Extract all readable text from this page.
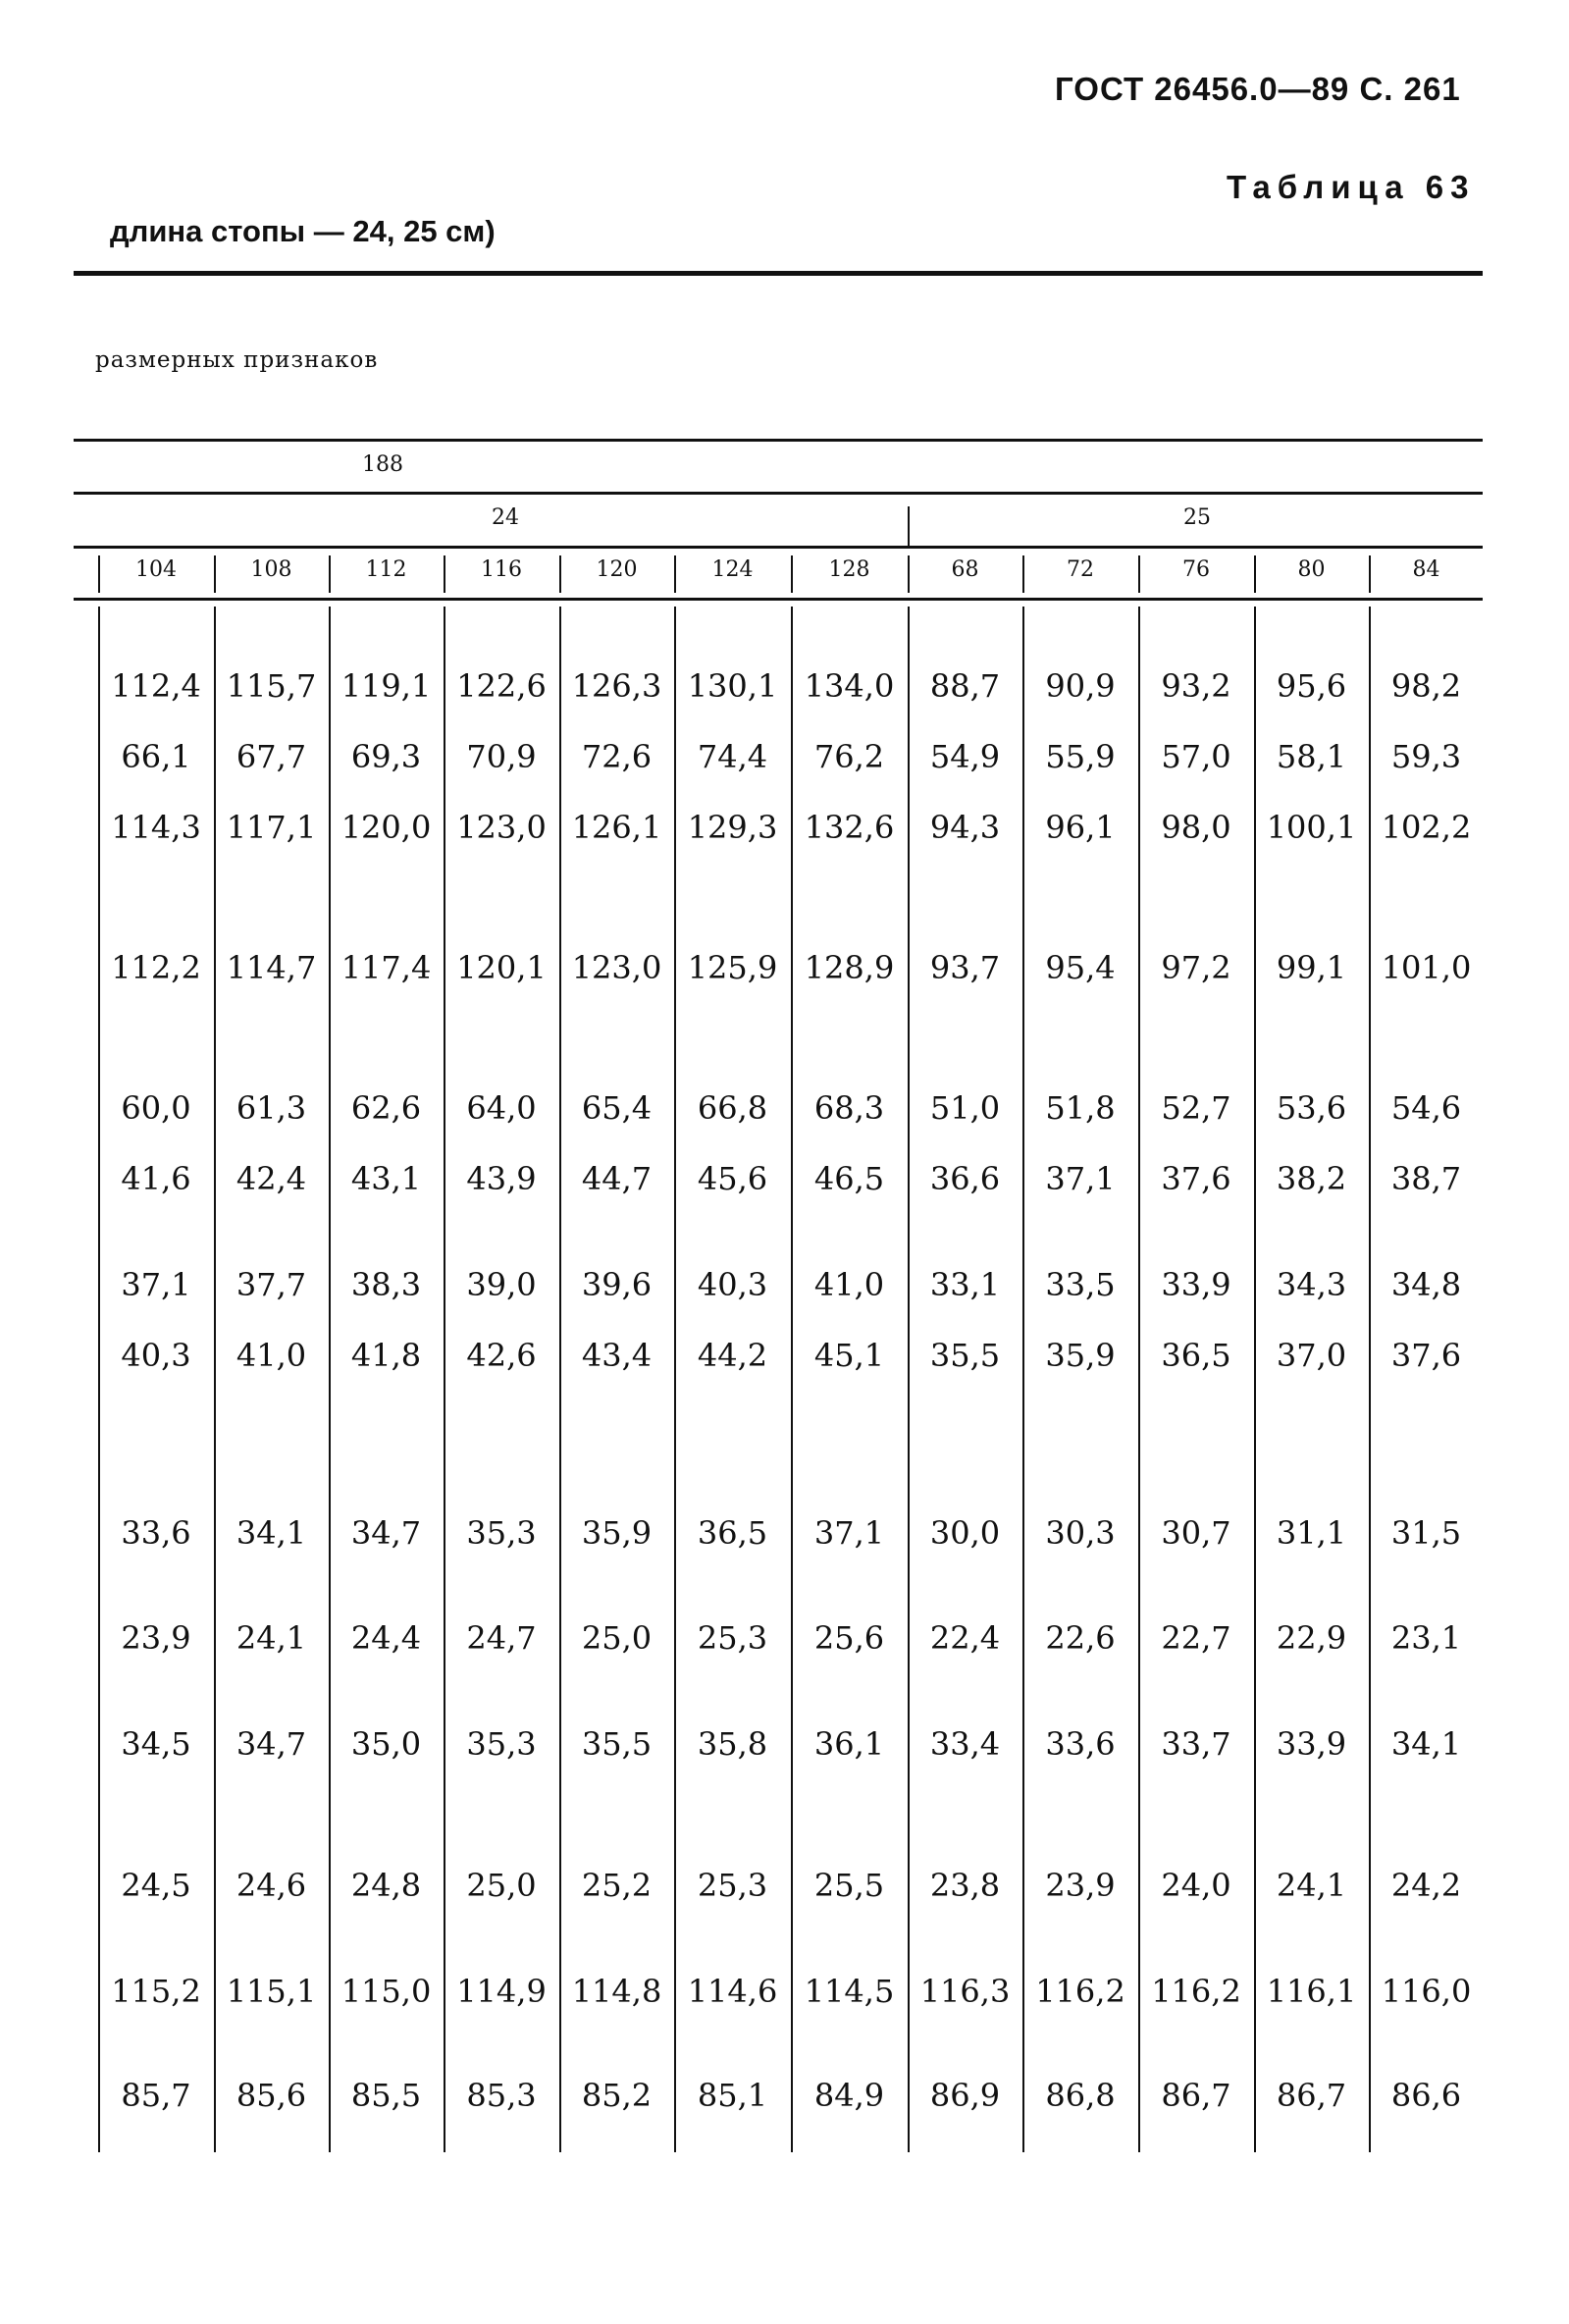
ГОСТ 26456.0—89 С. 261
Таблица 63
длина стопы — 24, 25 см)
размерных признаков
188
24	25
104	108	112	116	120	124	128	68	72	76	80	84
112,4 115,7 119,1 122,6 126,3 130,1 134,0	88,7	90,9	93,2	95,6	98,2
66,1	67,7	69,3	70,9	72,6	74,4	76,2	54,9	55,9	57,0	58,1	59,3
114,3 117,1 120,0 123,0 126,1 129,3 132,6	94,3	96,1	98,0	100,1 102,2
112,2 114,7 117,4 120,1 123,0 125,9 128,9	93,7	95,4	97,2	99,1	101,0
60,0	61,3	62,6	64,0	65,4	66,8	68,3	51,0	51,8	52,7	53,6	54,6
41,6	42,4	43,1	43,9	44,7	45,6	46,5	36,6	37,1	37,6	38,2	38,7
37,1	37,7	38,3	39,0	39,6	40,3	41,0	33,1	33,5	33,9	34,3	34,8
40,3	41,0	41,8	42,6	43,4	44,2	45,1	35,5	35,9	36,5	37,0	37,6
33,6	34,1	34,7	35,3	35,9	36,5	37,1	30,0	30,3	30,7	31,1	31,5
23,9	24,1	24,4	24,7	25,0	25,3	25,6	22,4	22,6	22,7	22,9	23,1
34,5	34,7	35,0	35,3	35,5	35,8	36,1	33,4	33,6	33,7	33,9	34,1
24,5	24,6	24,8	25,0	25,2	25,3	25,5	23,8	23,9	24,0	24,1	24,2
115,2 115,1 115,0 114,9 114,8 114,6 114,5 116,3 116,2 116,2 116,1 116,0
85,7	85,6	85,5	85,3	85,2	85,1	84,9	86,9	86,8	86,7	86,7	86,6
